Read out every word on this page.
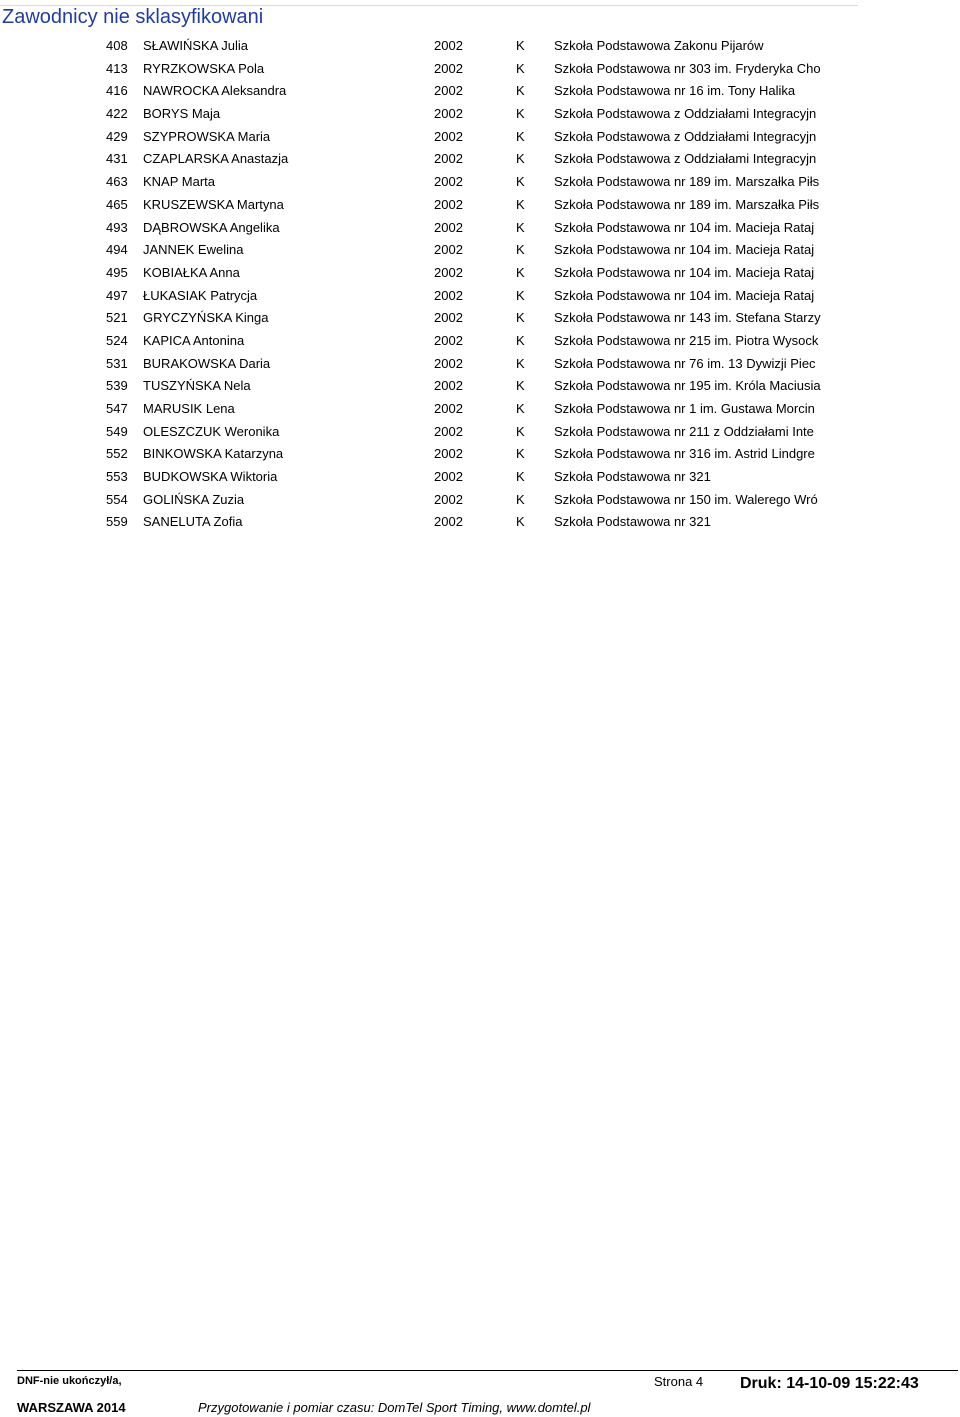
Zawodnicy nie sklasyfikowani
408 SŁAWIŃSKA Julia	2002	K Szkoła Podstawowa Zakonu Pijarów
413 RYRZKOWSKA Pola	2002	K Szkoła Podstawowa nr 303 im. Fryderyka Cho
416 NAWROCKA Aleksandra	2002	K Szkoła Podstawowa nr 16 im. Tony Halika
422 BORYS Maja	2002	K Szkoła Podstawowa z Oddziałami Integracyjn
429 SZYPROWSKA Maria	2002	K Szkoła Podstawowa z Oddziałami Integracyjn
431 CZAPLARSKA Anastazja	2002	K Szkoła Podstawowa z Oddziałami Integracyjn
463 KNAP Marta	2002	K Szkoła Podstawowa nr 189 im. Marszałka Piłs
465 KRUSZEWSKA Martyna	2002	K Szkoła Podstawowa nr 189 im. Marszałka Piłs
493 DĄBROWSKA Angelika	2002	K Szkoła Podstawowa nr 104 im. Macieja Rataj
494 JANNEK Ewelina	2002	K Szkoła Podstawowa nr 104 im. Macieja Rataj
495 KOBIAŁKA Anna	2002	K Szkoła Podstawowa nr 104 im. Macieja Rataj
497 ŁUKASIAK Patrycja	2002	K Szkoła Podstawowa nr 104 im. Macieja Rataj
521 GRYCZYŃSKA Kinga	2002	K Szkoła Podstawowa nr 143 im. Stefana Starzy
524 KAPICA Antonina	2002	K Szkoła Podstawowa nr 215 im. Piotra Wysock
531 BURAKOWSKA Daria	2002	K Szkoła Podstawowa nr 76 im. 13 Dywizji Piec
539 TUSZYŃSKA Nela	2002	K Szkoła Podstawowa nr 195 im. Króla Maciusia
547 MARUSIK Lena	2002	K Szkoła Podstawowa nr 1 im. Gustawa Morcin
549 OLESZCZUK Weronika	2002	K Szkoła Podstawowa nr 211 z Oddziałami Inte
552 BINKOWSKA Katarzyna	2002	K Szkoła Podstawowa nr 316 im. Astrid Lindgre
553 BUDKOWSKA Wiktoria	2002	K Szkoła Podstawowa nr 321
554 GOLIŃSKA Zuzia	2002	K Szkoła Podstawowa nr 150 im. Walerego Wró
559 SANELUTA Zofia	2002	K Szkoła Podstawowa nr 321
DNF-nie ukończył/a,	Strona 4 Druk: 14-10-09 15:22:43
WARSZAWA 2014	Przygotowanie i pomiar czasu: DomTel Sport Timing, www.domtel.pl
